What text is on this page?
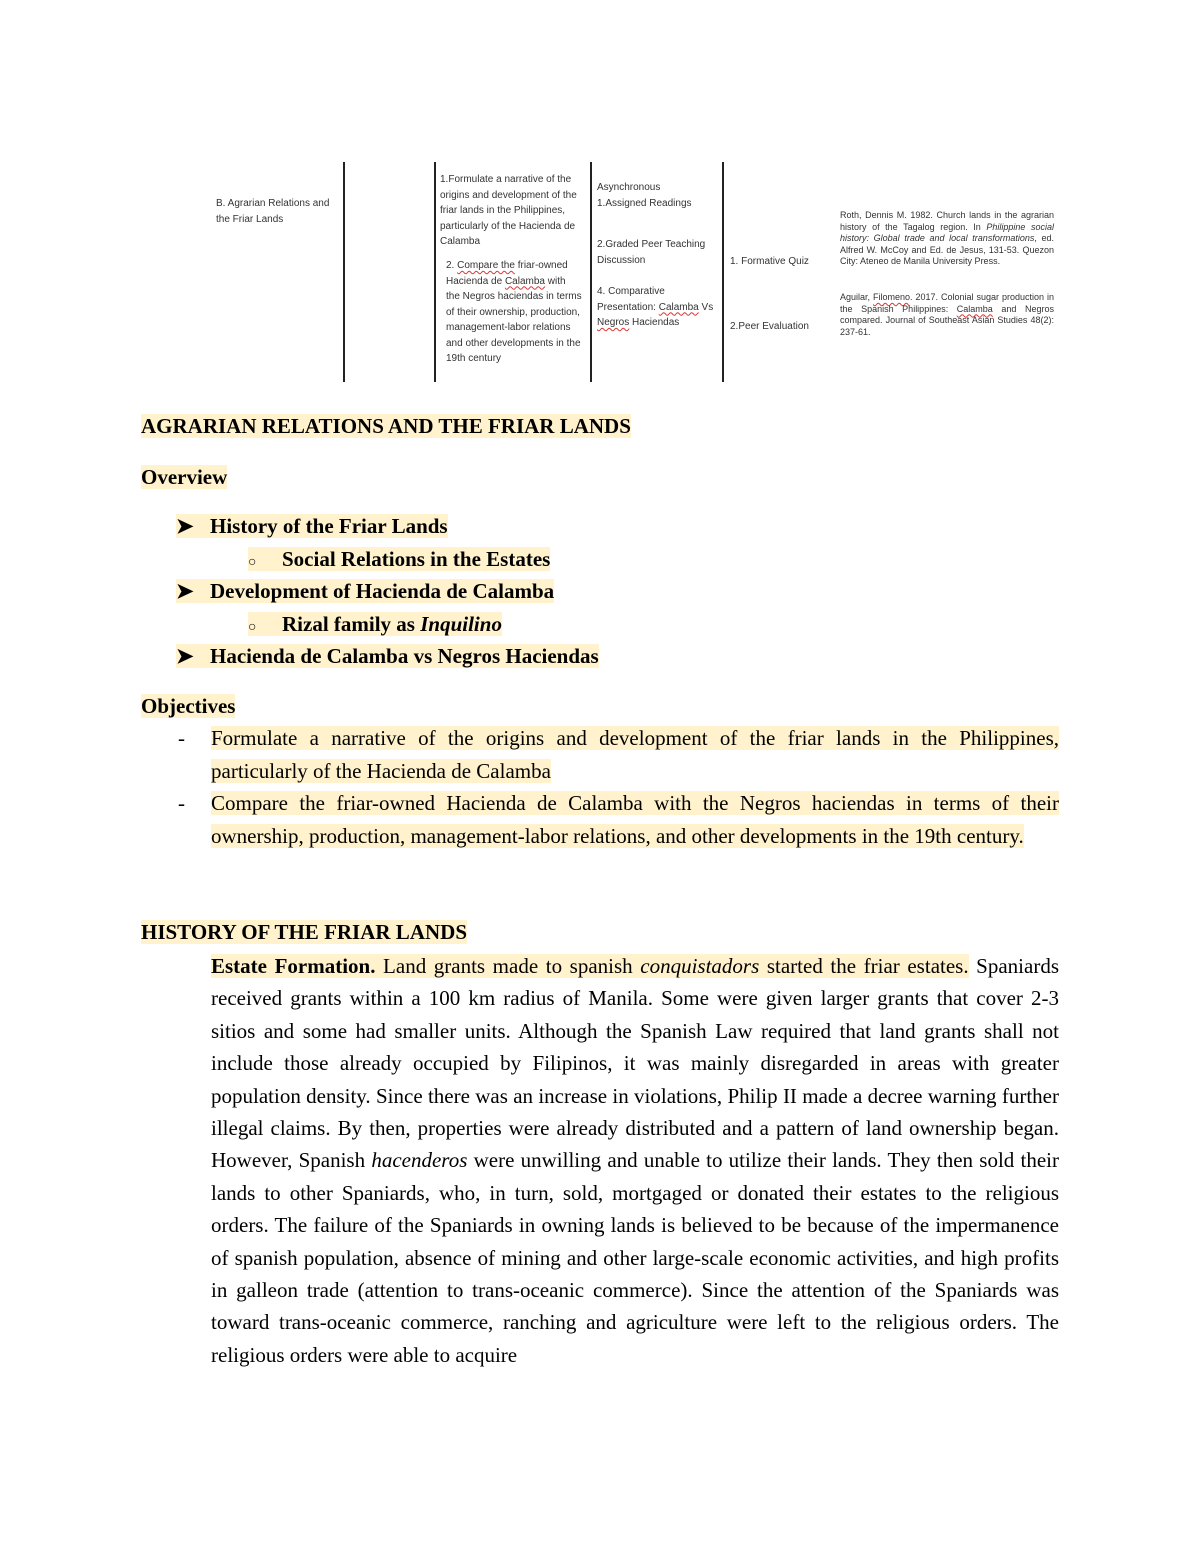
B. Agrarian Relations and the Friar Lands
1.Formulate a narrative of the origins and development of the friar lands in the Philippines, particularly of the Hacienda de Calamba
2. Compare the friar-owned Hacienda de Calamba with the Negros haciendas in terms of their ownership, production, management-labor relations and other developments in the 19th century
Asynchronous
1.Assigned Readings
2.Graded Peer Teaching Discussion
4. Comparative Presentation: Calamba Vs Negros Haciendas
1. Formative Quiz
2.Peer Evaluation
Roth, Dennis M. 1982. Church lands in the agrarian history of the Tagalog region. In Philippine social history: Global trade and local transformations, ed. Alfred W. McCoy and Ed. de Jesus, 131-53. Quezon City: Ateneo de Manila University Press.
Aguilar, Filomeno. 2017. Colonial sugar production in the Spanish Philippines: Calamba and Negros compared. Journal of Southeast Asian Studies 48(2): 237-61.
AGRARIAN RELATIONS AND THE FRIAR LANDS
Overview
➤ History of the Friar Lands
○ Social Relations in the Estates
➤ Development of Hacienda de Calamba
○ Rizal family as Inquilino
➤ Hacienda de Calamba vs Negros Haciendas
Objectives
- Formulate a narrative of the origins and development of the friar lands in the Philippines, particularly of the Hacienda de Calamba
- Compare the friar-owned Hacienda de Calamba with the Negros haciendas in terms of their ownership, production, management-labor relations, and other developments in the 19th century.
HISTORY OF THE FRIAR LANDS
Estate Formation. Land grants made to spanish conquistadors started the friar estates. Spaniards received grants within a 100 km radius of Manila. Some were given larger grants that cover 2-3 sitios and some had smaller units. Although the Spanish Law required that land grants shall not include those already occupied by Filipinos, it was mainly disregarded in areas with greater population density. Since there was an increase in violations, Philip II made a decree warning further illegal claims. By then, properties were already distributed and a pattern of land ownership began. However, Spanish hacenderos were unwilling and unable to utilize their lands. They then sold their lands to other Spaniards, who, in turn, sold, mortgaged or donated their estates to the religious orders. The failure of the Spaniards in owning lands is believed to be because of the impermanence of spanish population, absence of mining and other large-scale economic activities, and high profits in galleon trade (attention to trans-oceanic commerce). Since the attention of the Spaniards was toward trans-oceanic commerce, ranching and agriculture were left to the religious orders. The religious orders were able to acquire
